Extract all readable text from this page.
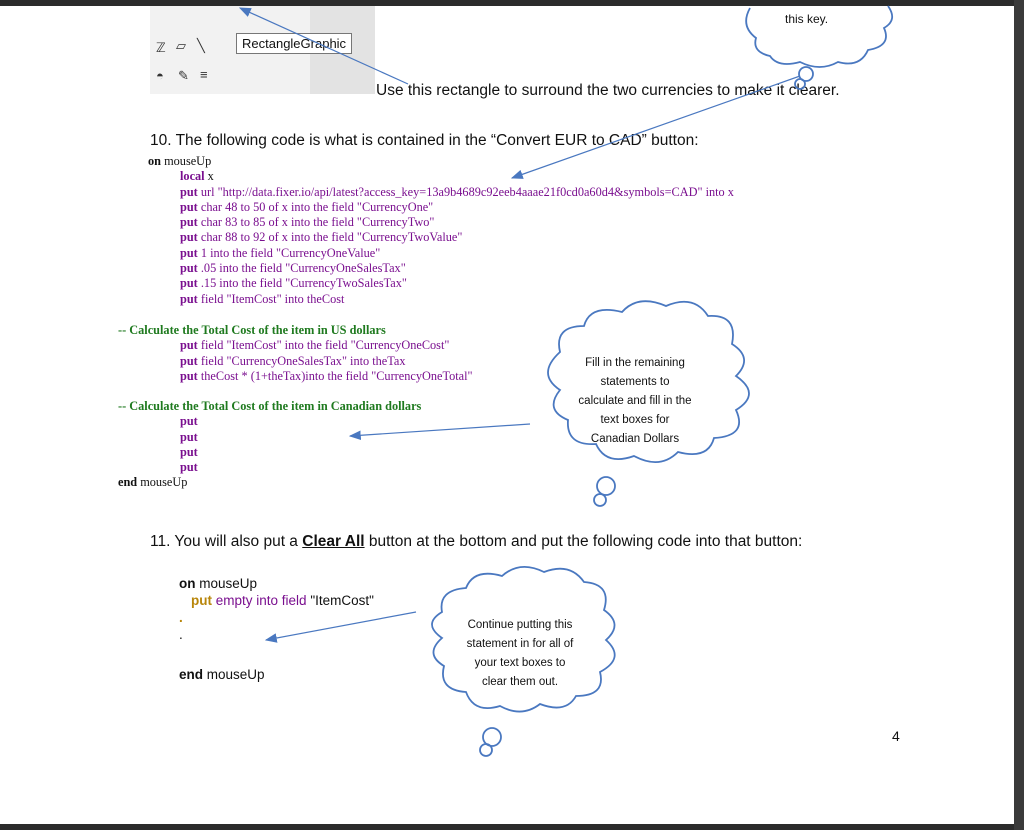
ℤ ▱ ╲
◓ ✎ ≡
RectangleGraphic
Use this rectangle to surround the two currencies to make it clearer.
this key.
10. The following code is what is contained in the “Convert EUR to CAD” button:
on mouseUp
local x
put url "http://data.fixer.io/api/latest?access_key=13a9b4689c92eeb4aaae21f0cd0a60d4&symbols=CAD" into x
put char 48 to 50 of x into the field "CurrencyOne"
put char 83 to 85 of x into the field "CurrencyTwo"
put char 88 to 92 of x into the field "CurrencyTwoValue"
put 1 into the field "CurrencyOneValue"
put .05 into the field "CurrencyOneSalesTax"
put .15 into the field "CurrencyTwoSalesTax"
put field "ItemCost" into theCost
-- Calculate the Total Cost of the item in US dollars
put field "ItemCost" into the field "CurrencyOneCost"
put field "CurrencyOneSalesTax" into theTax
put theCost * (1+theTax)into the field "CurrencyOneTotal"
-- Calculate the Total Cost of the item in Canadian dollars
put
put
put
put
end mouseUp
Fill in the remaining
statements to
calculate and fill in the
text boxes for
Canadian Dollars
11. You will also put a Clear All button at the bottom and put the following code into that button:
on mouseUp
put empty into field "ItemCost"
.
.
end mouseUp
Continue putting this
statement in for all of
your text boxes to
clear them out.
4
